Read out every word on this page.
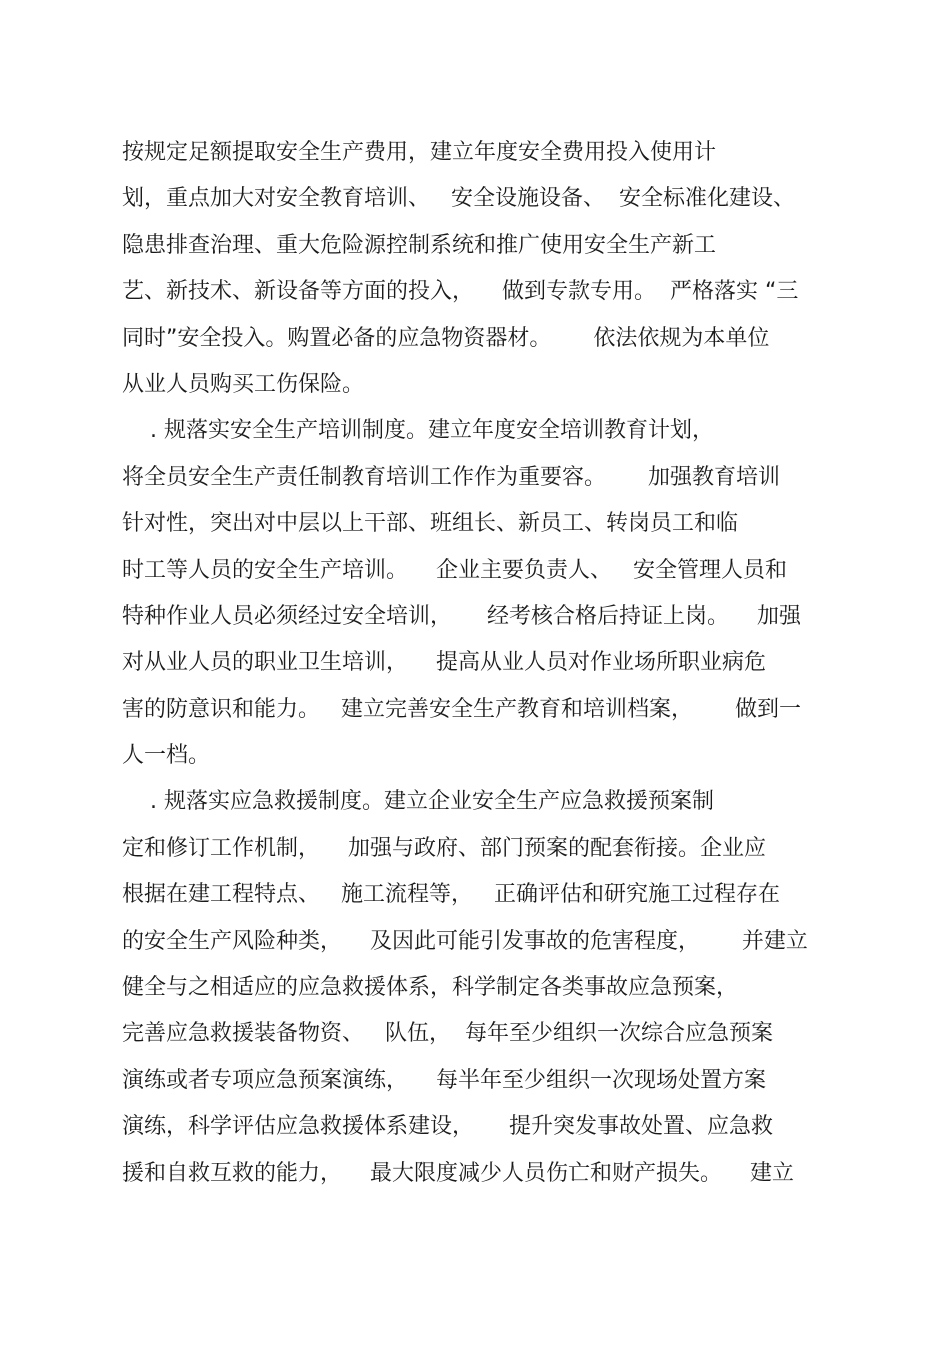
按规定足额提取安全生产费用，建立年度安全费用投入使用计
划，重点加大对安全教育培训、   安全设施设备、  安全标准化建设、
隐患排查治理、重大危险源控制系统和推广使用安全生产新工
艺、新技术、新设备等方面的投入，    做到专款专用。  严格落实 “三
同时”安全投入。购置必备的应急物资器材。      依法依规为本单位
从业人员购买工伤保险。
. 规落实安全生产培训制度。建立年度安全培训教育计划，
将全员安全生产责任制教育培训工作作为重要容。      加强教育培训
针对性，突出对中层以上干部、班组长、新员工、转岗员工和临
时工等人员的安全生产培训。    企业主要负责人、   安全管理人员和
特种作业人员必须经过安全培训，     经考核合格后持证上岗。    加强
对从业人员的职业卫生培训，    提高从业人员对作业场所职业病危
害的防意识和能力。   建立完善安全生产教育和培训档案，      做到一
人一档。
. 规落实应急救援制度。建立企业安全生产应急救援预案制
定和修订工作机制，    加强与政府、部门预案的配套衔接。企业应
根据在建工程特点、   施工流程等，   正确评估和研究施工过程存在
的安全生产风险种类，    及因此可能引发事故的危害程度，      并建立
健全与之相适应的应急救援体系，科学制定各类事故应急预案，
完善应急救援装备物资、   队伍，  每年至少组织一次综合应急预案
演练或者专项应急预案演练，    每半年至少组织一次现场处置方案
演练，科学评估应急救援体系建设，     提升突发事故处置、应急救
援和自救互救的能力，    最大限度减少人员伤亡和财产损失。    建立
